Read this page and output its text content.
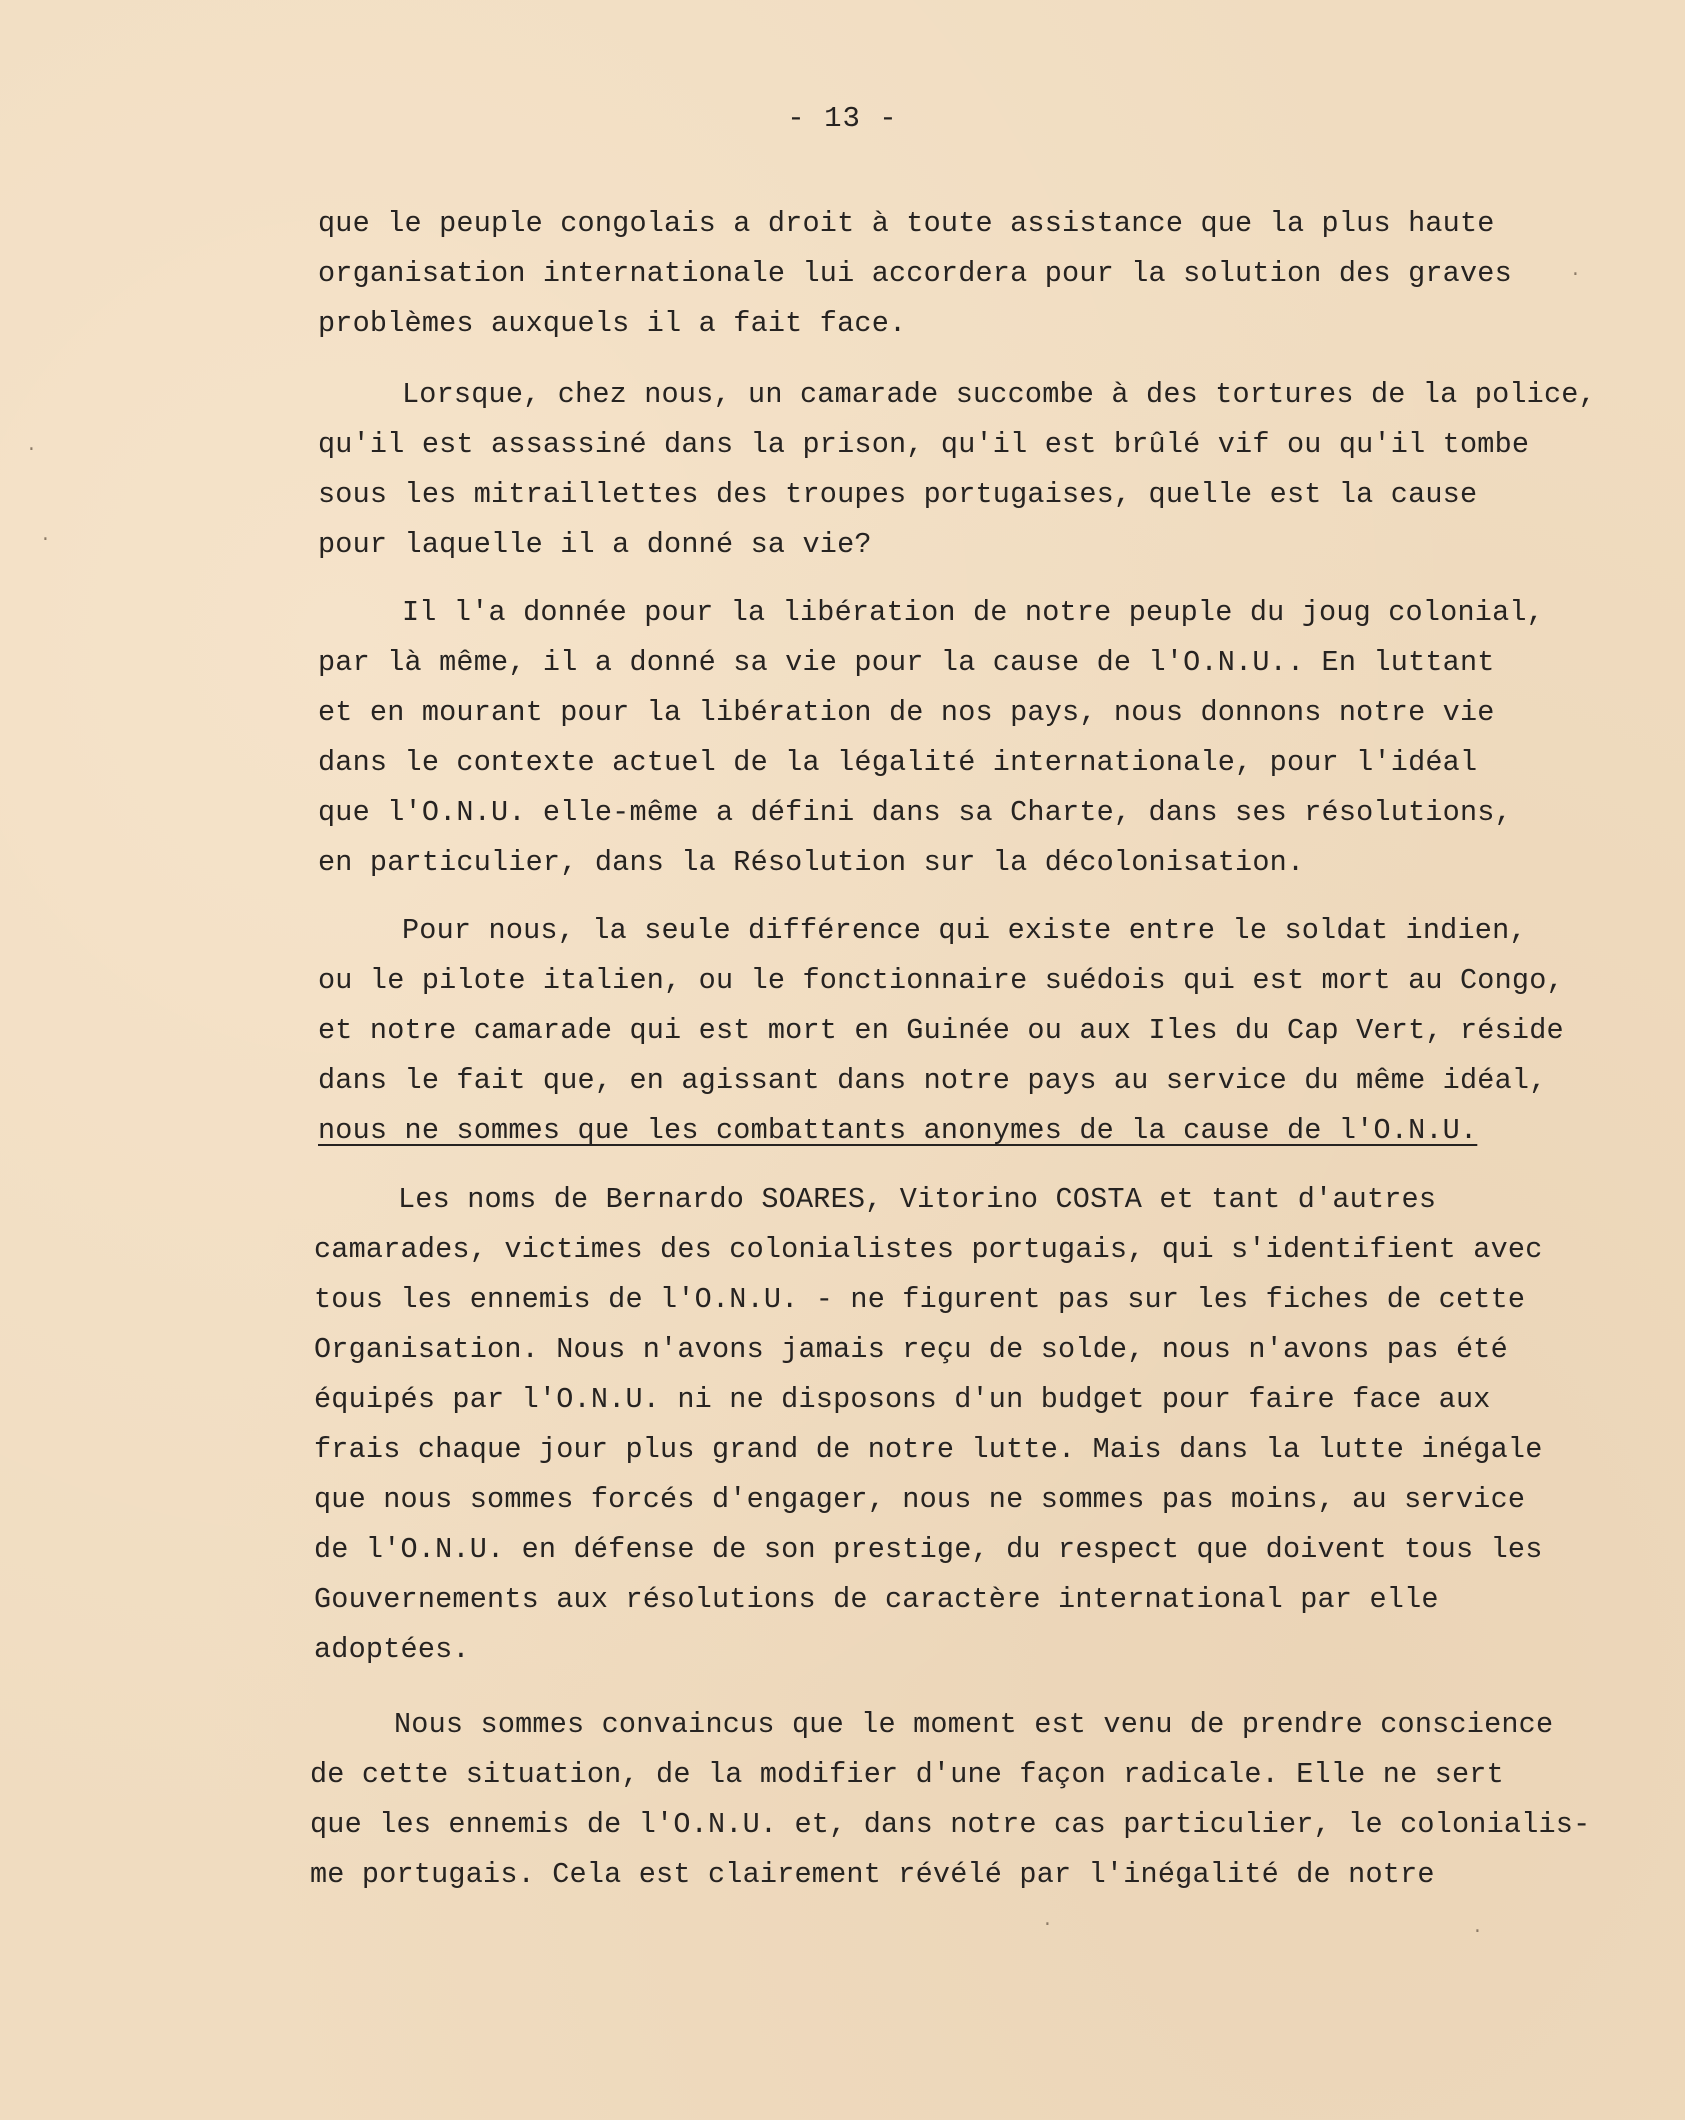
- 13 -
que le peuple congolais a droit à toute assistance que la plus haute
organisation internationale lui accordera pour la solution des graves
problèmes auxquels il a fait face.
Lorsque, chez nous, un camarade succombe à des tortures de la police,
qu'il est assassiné dans la prison, qu'il est brûlé vif ou qu'il tombe
sous les mitraillettes des troupes portugaises, quelle est la cause
pour laquelle il a donné sa vie?
Il l'a donnée pour la libération de notre peuple du joug colonial,
par là même, il a donné sa vie pour la cause de l'O.N.U.. En luttant
et en mourant pour la libération de nos pays, nous donnons notre vie
dans le contexte actuel de la légalité internationale, pour l'idéal
que l'O.N.U. elle-même a défini dans sa Charte, dans ses résolutions,
en particulier, dans la Résolution sur la décolonisation.
Pour nous, la seule différence qui existe entre le soldat indien,
ou le pilote italien, ou le fonctionnaire suédois qui est mort au Congo,
et notre camarade qui est mort en Guinée ou aux Iles du Cap Vert, réside
dans le fait que, en agissant dans notre pays au service du même idéal,
nous ne sommes que les combattants anonymes de la cause de l'O.N.U.
Les noms de Bernardo SOARES, Vitorino COSTA et tant d'autres
camarades, victimes des colonialistes portugais, qui s'identifient avec
tous les ennemis de l'O.N.U. - ne figurent pas sur les fiches de cette
Organisation. Nous n'avons jamais reçu de solde, nous n'avons pas été
équipés par l'O.N.U. ni ne disposons d'un budget pour faire face aux
frais chaque jour plus grand de notre lutte. Mais dans la lutte inégale
que nous sommes forcés d'engager, nous ne sommes pas moins, au service
de l'O.N.U. en défense de son prestige, du respect que doivent tous les
Gouvernements aux résolutions de caractère international par elle
adoptées.
Nous sommes convaincus que le moment est venu de prendre conscience
de cette situation, de la modifier d'une façon radicale. Elle ne sert
que les ennemis de l'O.N.U. et, dans notre cas particulier, le colonialis-
me portugais. Cela est clairement révélé par l'inégalité de notre
·
·
·
·	·
